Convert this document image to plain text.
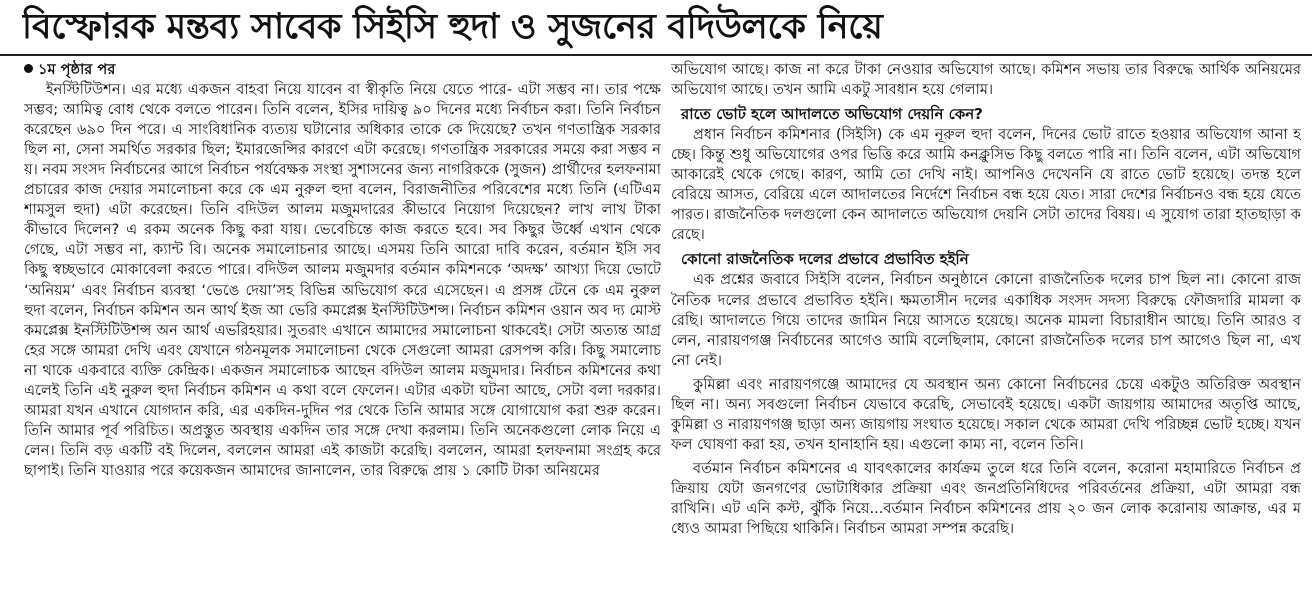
বিস্ফোরক মন্তব্য সাবেক সিইসি হুদা ও সুজনের বদিউলকে নিয়ে

১ম পৃষ্ঠার পর

ইনস্টিটিউশন। এর মধ্যে একজন বাহবা নিয়ে যাবেন বা স্বীকৃতি নিয়ে যেতে পারে- এটা সম্ভব না। তার পক্ষে সম্ভব; আমিত্ব বোধ থেকে বলতে পারেন। তিনি বলেন, ইসির দায়িত্ব ৯০ দিনের মধ্যে নির্বাচন করা। তিনি নির্বাচন করেছেন ৬৯০ দিন পরে। এ সাংবিধানিক ব্যত্যয় ঘটানোর অধিকার তাকে কে দিয়েছে? তখন গণতান্ত্রিক সরকার ছিল না, সেনা সমর্থিত সরকার ছিল; ইমারজেন্সির কারণে এটা করেছে। গণতান্ত্রিক সরকারের সময়ে করা সম্ভব নয়। নবম সংসদ নির্বাচনের আগে নির্বাচন পর্যবেক্ষক সংস্থা সুশাসনের জন্য নাগরিককে (সুজন) প্রার্থীদের হলফনামা প্রচারের কাজ দেয়ার সমালোচনা করে কে এম নুরুল হুদা বলেন, বিরাজনীতির পরিবেশের মধ্যে তিনি (এটিএম শামসুল হুদা) এটা করেছেন। তিনি বদিউল আলম মজুমদারের কীভাবে নিয়োগ দিয়েছেন? লাখ লাখ টাকা কীভাবে দিলেন? এ রকম অনেক কিছু করা যায়। ভেবেচিন্তে কাজ করতে হবে। সব কিছুর উর্ধ্বে এখান থেকে গেছে, এটা সম্ভব না, ক্যান্ট বি। অনেক সমালোচনার আছে। এসময় তিনি আরো দাবি করেন, বর্তমান ইসি সব কিছু স্বচ্ছভাবে মোকাবেলা করতে পারে। বদিউল আলম মজুমদার বর্তমান কমিশনকে ‘অদক্ষ’ আখ্যা দিয়ে ভোটে ‘অনিয়ম’ এবং নির্বাচন ব্যবস্থা ‘ভেঙে দেয়া’সহ বিভিন্ন অভিযোগ করে এসেছেন। এ প্রসঙ্গ টেনে কে এম নুরুল হুদা বলেন, নির্বাচন কমিশন অন আর্থ ইজ আ ভেরি কমপ্লেক্স ইনস্টিটিউশন্স। নির্বাচন কমিশন ওয়ান অব দ্য মোস্ট কমপ্লেক্স ইনস্টিটিউশন্স অন আর্থ এভরিহয়ার। সুতরাং এখানে আমাদের সমালোচনা থাকবেই। সেটা অত্যন্ত আগ্রহের সঙ্গে আমরা দেখি এবং যেখানে গঠনমূলক সমালোচনা থেকে সেগুলো আমরা রেসপন্স করি। কিছু সমালোচনা থাকে একবারে ব্যক্তি কেন্দ্রিক। একজন সমালোচক আছেন বদিউল আলম মজুমদার। নির্বাচন কমিশনের কথা এলেই তিনি এই নুরুল হুদা নির্বাচন কমিশন এ কথা বলে ফেলেন। এটার একটা ঘটনা আছে, সেটা বলা দরকার। আমরা যখন এখানে যোগদান করি, এর একদিন-দুদিন পর থেকে তিনি আমার সঙ্গে যোগাযোগ করা শুরু করেন। তিনি আমার পূর্ব পরিচিত। অপ্রস্তুত অবস্থায় একদিন তার সঙ্গে দেখা করলাম। তিনি অনেকগুলো লোক নিয়ে এলেন। তিনি বড় একটি বই দিলেন, বললেন আমরা এই কাজটা করেছি। বললেন, আমরা হলফনামা সংগ্রহ করে ছাপাই। তিনি যাওয়ার পরে কয়েকজন আমাদের জানালেন, তার বিরুদ্ধে প্রায় ১ কোটি টাকা অনিয়মের

অভিযোগ আছে। কাজ না করে টাকা নেওয়ার অভিযোগ আছে। কমিশন সভায় তার বিরুদ্ধে আর্থিক অনিয়মের অভিযোগ আছে। তখন আমি একটু সাবধান হয়ে গেলাম।

রাতে ভোট হলে আদালতে অভিযোগ দেয়নি কেন?

প্রধান নির্বাচন কমিশনার (সিইসি) কে এম নূরুল হুদা বলেন, দিনের ভোট রাতে হওয়ার অভিযোগ আনা হচ্ছে। কিন্তু শুধু অভিযোগের ওপর ভিত্তি করে আমি কনক্লুসিভ কিছু বলতে পারি না। তিনি বলেন, এটা অভিযোগ আকারেই থেকে গেছে। কারণ, আমি তো দেখি নাই। আপনিও দেখেননি যে রাতে ভোট হয়েছে। তদন্ত হলে বেরিয়ে আসত, বেরিয়ে এলে আদালতের নির্দেশে নির্বাচন বন্ধ হয়ে যেত। সারা দেশের নির্বাচনও বন্ধ হয়ে যেতে পারত। রাজনৈতিক দলগুলো কেন আদালতে অভিযোগ দেয়নি সেটা তাদের বিষয়। এ সুযোগ তারা হাতছাড়া করেছে।

কোনো রাজনৈতিক দলের প্রভাবে প্রভাবিত হইনি

এক প্রশ্নের জবাবে সিইসি বলেন, নির্বাচন অনুষ্ঠানে কোনো রাজনৈতিক দলের চাপ ছিল না। কোনো রাজনৈতিক দলের প্রভাবে প্রভাবিত হইনি। ক্ষমতাসীন দলের একাধিক সংসদ সদস্য বিরুদ্ধে ফৌজদারি মামলা করেছি। আদালতে গিয়ে তাদের জামিন নিয়ে আসতে হয়েছে। অনেক মামলা বিচারাধীন আছে। তিনি আরও বলেন, নারায়ণগঞ্জ নির্বাচনের আগেও আমি বলেছিলাম, কোনো রাজনৈতিক দলের চাপ আগেও ছিল না, এখনো নেই।

কুমিল্লা এবং নারায়ণগঞ্জে আমাদের যে অবস্থান অন্য কোনো নির্বাচনের চেয়ে একটুও অতিরিক্ত অবস্থান ছিল না। অন্য সবগুলো নির্বাচন যেভাবে করেছি, সেভাবেই হয়েছে। একটা জায়গায় আমাদের অতৃপ্তি আছে, কুমিল্লা ও নারায়ণগঞ্জ ছাড়া অন্য জায়গায় সংঘাত হয়েছে। সকাল থেকে আমরা দেখি পরিচ্ছন্ন ভোট হচ্ছে। যখন ফল ঘোষণা করা হয়, তখন হানাহানি হয়। এগুলো কাম্য না, বলেন তিনি।

বর্তমান নির্বাচন কমিশনের এ যাবৎকালের কার্যক্রম তুলে ধরে তিনি বলেন, করোনা মহামারিতে নির্বাচন প্রক্রিয়ায় যেটা জনগণের ভোটাধিকার প্রক্রিয়া এবং জনপ্রতিনিধিদের পরিবর্তনের প্রক্রিয়া, এটা আমরা বন্ধ রাখিনি। এট এনি কস্ট, ঝুঁকি নিয়ে...বর্তমান নির্বাচন কমিশনের প্রায় ২০ জন লোক করোনায় আক্রান্ত, এর মধ্যেও আমরা পিছিয়ে থাকিনি। নির্বাচন আমরা সম্পন্ন করেছি।
